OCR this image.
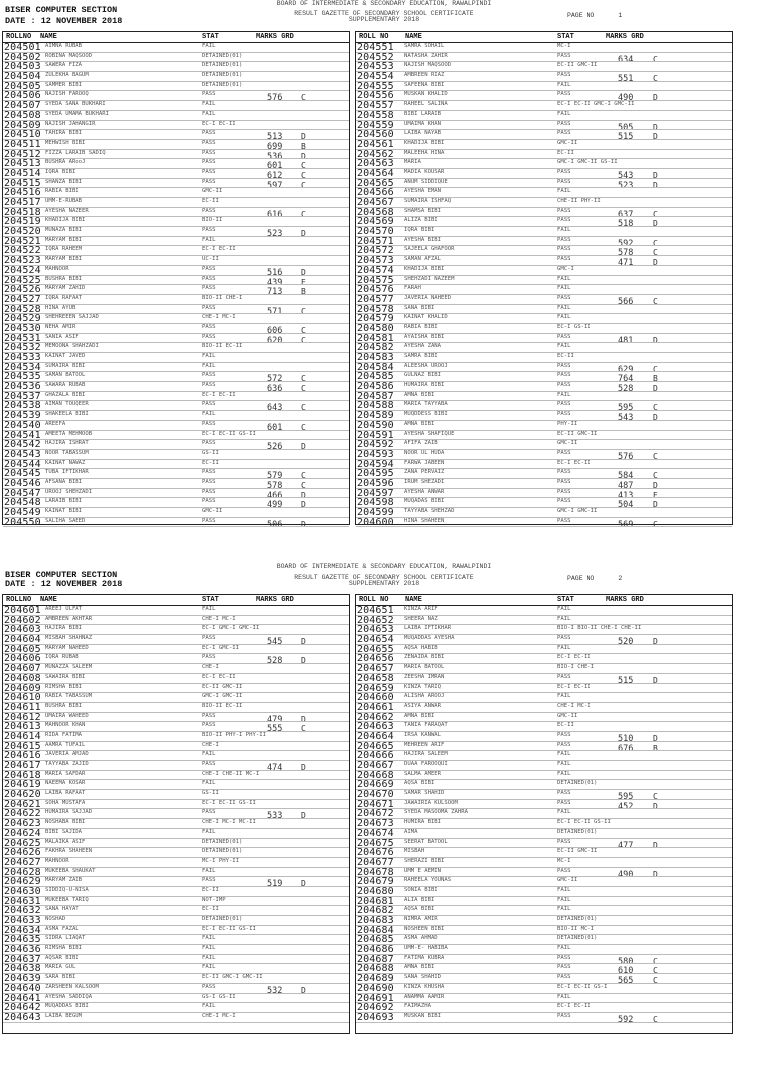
BOARD OF INTERMEDIATE & SECONDARY EDUCATION, RAWALPINDI
RESULT GAZETTE OF SECONDARY SCHOOL CERTIFICATE
SUPPLEMENTARY 2018
BISER COMPUTER SECTION
DATE : 12 NOVEMBER 2018
PAGE NO	1
ROLLNO NAME	STAT	MARKS GRD
204501 AIMNA RUBAB	FAIL
204502 ROBINA MAQSOOD	DETAINED(01)
204503 SAWERA FIZA	DETAINED(01)
204504 ZULEKHA BAGUM	DETAINED(01)
204505 SAMMER BIBI	DETAINED(01)
204506 NAJISH FAROOQ	PASS	576 C
204507 SYEDA SANA BUKHARI	FAIL
204508 SYEDA UMAMA BUKHARI	FAIL
204509 NAJISH JAHANGIR	EC-I EC-II
204510 TAHIRA BIBI	PASS	513 D
204511 MEHWISH BIBI	PASS	699 B
204512 FIZZA LARAIB SADIQ	PASS	536 D
204513 BUSHRA ARooJ	PASS	601 C
204514 IQRA BIBI	PASS	612 C
204515 SHANZA BIBI	PASS	597 C
204516 RABIA BIBI	GMC-II
204517 UMM-E-RUBAB	EC-II
204518 AYESHA NAZEER	PASS	616 C
204519 KHADIJA BIBI	BIO-II
204520 MUNAZA BIBI	PASS	523 D
204521 MARYAM BIBI	FAIL
204522 IQRA RAHEEM	EC-I EC-II
204523 MARYAM BIBI	UC-II
204524 MAHNOOR	PASS	516 D
204525 BUSHRA BIBI	PASS	439 E
204526 MARYAM ZAHID	PASS	713 B
204527 IQRA RAFAAT	BIO-II CHE-I
204528 HINA AYUB	PASS	571 C
204529 SHEHREEEN SAJJAD	CHE-I MC-I
204530 NEHA AMIR	PASS	606 C
204531 SANIA ASIF	PASS	620 C
204532 MEMOONA SHAHZADI	BIO-II EC-II
204533 KAINAT JAVED	FAIL
204534 SUMAIRA BIBI	FAIL
204535 SAMAN BATOOL	PASS	572 C
204536 SAWARA RUBAB	PASS	636 C
204537 GHAZALA BIBI	EC-I EC-II
204538 AIMAN TOUQEER	PASS	643 C
204539 SHAKEELA BIBI	FAIL
204540 AREEFA	PASS	601 C
204541 AMEETA MEHMOOB	EC-I EC-II GS-II
204542 HAJIRA ISHRAT	PASS	526 D
204543 NOOR TABASSUM	GS-II
204544 KAINAT NAWAZ	EC-II
204545 TUBA IFTIKHAR	PASS	579 C
204546 AFSANA BIBI	PASS	578 C
204547 UROOJ SHEHZADI	PASS	466 D
204548 LARAIB BIBI	PASS	499 D
204549 KAINAT BIBI	GMC-II
204550 SALIHA SAEED	PASS	506 D
ROLL NO NAME	STAT	MARKS GRD
204551 SAMRA SOHAIL	MC-I
204552 NATASHA ZAHIR	PASS	634 C
204553 NAJISH MAQSOOD	EC-II GMC-II
204554 AMBREEN RIAZ	PASS	551 C
204555 SAFEENA BIBI	FAIL
204556 MUSKAN KHALID	PASS	490 D
204557 RAHEEL SALINA	EC-I EC-II GMC-I GMC-II
204558 BIBI LARAIB	FAIL
204559 UMAIMA KHAN	PASS	505 D
204560 LAIBA NAYAB	PASS	515 D
204561 KHADIJA BIBI	GMC-II
204562 MALEEHA HINA	EC-II
204563 MARIA	GMC-I GMC-II GS-II
204564 MADIA KOUSAR	PASS	543 D
204565 ANUM SIDDIQUE	PASS	523 D
204566 AYESHA EMAN	FAIL
204567 SUMAIRA ISHFAQ	CHE-II PHY-II
204568 SHAMSA BIBI	PASS	637 C
204569 ALIZA BIBI	PASS	518 D
204570 IQRA BIBI	FAIL
204571 AYESHA BIBI	PASS	592 C
204572 SAJEELA GHAFOOR	PASS	578 C
204573 SAMAN AFZAL	PASS	471 D
204574 KHADIJA BIBI	GMC-I
204575 SHEHZADI NAZEEM	FAIL
204576 FARAH	FAIL
204577 JAVERIA NAHEED	PASS	566 C
204578 SANA BIBI	FAIL
204579 KAINAT KHALID	FAIL
204580 RABIA BIBI	EC-I GS-II
204581 AYAISHA BIBI	PASS	481 D
204582 AYESHA ZANA	FAIL
204583 SAMRA BIBI	EC-II
204584 ALEESHA UROOJ	PASS	629 C
204585 GULNAZ BIBI	PASS	764 B
204586 HUMAIRA BIBI	PASS	528 D
204587 AMNA BIBI	FAIL
204588 MARIA TAYYABA	PASS	595 C
204589 MUQDDESS BIBI	PASS	543 D
204590 AMNA BIBI	PHY-II
204591 AYESHA SHAFIQUE	EC-II GMC-II
204592 AFIFA ZAIB	GMC-II
204593 NOOR UL HUDA	PASS	576 C
204594 FARWA JABEEN	EC-I EC-II
204595 ZANA PERVAIZ	PASS	584 C
204596 IRUM SHEZADI	PASS	487 D
204597 AYESHA ANWAR	PASS	413 E
204598 MUQADAS BIBI	PASS	504 D
204599 TAYYABA SHEHZAD	GMC-I GMC-II
204600 HINA SHAHEEN	PASS	569 C
BOARD OF INTERMEDIATE & SECONDARY EDUCATION, RAWALPINDI
RESULT GAZETTE OF SECONDARY SCHOOL CERTIFICATE
SUPPLEMENTARY 2018
BISER COMPUTER SECTION
DATE : 12 NOVEMBER 2018
PAGE NO	2
ROLLNO NAME	STAT	MARKS GRD
204601 AREEJ ULFAT	FAIL
204602 AMBREEN AKHTAR	CHE-I MC-I
204603 HAJIRA BIBI	EC-I GMC-I GMC-II
204604 MISBAH SHAHNAZ	PASS	545 D
204605 MARYAM NAHEED	EC-I GMC-II
204606 IQRA RUBAB	PASS	528 D
204607 MUNAZZA SALEEM	CHE-I
204608 SAWAIRA BIBI	EC-I EC-II
204609 RIMSHA BIBI	EC-II GMC-II
204610 RABIA TABASSUM	GMC-I GMC-II
204611 BUSHRA BIBI	BIO-II EC-II
204612 UMAIRA WAHEED	PASS	479 D
204613 MAHNOOR KHAN	PASS	555 C
204614 RIDA FATIMA	BIO-II PHY-I PHY-II
204615 AAMRA TUFAIL	CHE-I
204616 JAVERIA AMJAD	FAIL
204617 TAYYABA ZAJID	PASS	474 D
204618 MARIA SAFDAR	CHE-I CHE-II MC-I
204619 NAEEMA KOSAR	FAIL
204620 LAIBA RAFAAT	GS-II
204621 SOHA MUSTAFA	EC-I EC-II GS-II
204622 HUMAIRA SAJJAD	PASS	533 D
204623 NOSHABA BIBI	CHE-I MC-I MC-II
204624 BIBI SAJIDA	FAIL
204625 MALAIKA ASIF	DETAINED(01)
204626 FAKHRA SHAHEEN	DETAINED(01)
204627 MAHNOOR	MC-I PHY-II
204628 MUKEEBA SHAUKAT	FAIL
204629 MARYAM ZAIB	PASS	519 D
204630 SIDDIQ-U-NISA	EC-II
204631 MUKEEBA TARIQ	NOT-IMP
204632 SANA HAYAT	EC-II
204633 NOSHAD	DETAINED(01)
204634 ASMA FAZAL	EC-I EC-II GS-II
204635 SIDRA LIAQAT	FAIL
204636 RIMSHA BIBI	FAIL
204637 AQSAR BIBI	FAIL
204638 MARIA GUL	FAIL
204639 SARA BIBI	EC-II GMC-I GMC-II
204640 ZARSHEEN KALSOOM	PASS	532 D
204641 AYESHA SADDIQA	GS-I GS-II
204642 MUQADDAS BIBI	FAIL
204643 LAIBA BEGUM	CHE-I MC-I
ROLL NO NAME	STAT	MARKS GRD
204651 KINZA ARIF	FAIL
204652 SHEERA NAZ	FAIL
204653 LAIBA IFTIKHAR	BIO-I BIO-II CHE-I CHE-II
204654 MUQADDAS AYESHA	PASS	520 D
204655 AQSA HABIB	FAIL
204656 ZENAIDA BIBI	EC-I EC-II
204657 MARIA BATOOL	BIO-I CHE-I
204658 ZEESHA IMRAN	PASS	515 D
204659 KINZA TARIQ	EC-I EC-II
204660 ALISHA AROOJ	FAIL
204661 ASIYA ANWAR	CHE-I MC-I
204662 AMNA BIBI	GMC-II
204663 TANIA FARAQAT	EC-II
204664 IRSA KANWAL	PASS	510 D
204665 MEHREEN ARIF	PASS	676 B
204666 HAJIRA SALEEM	FAIL
204667 DUAA FAROOQUI	FAIL
204668 SALMA AMEER	FAIL
204669 AQSA BIBI	DETAINED(01)
204670 SAMAR SHAHID	PASS	595 C
204671 JAWAIRIA KULSOOM	PASS	452 D
204672 SYEDA MASOOMA ZAHRA	FAIL
204673 HUMIRA BIBI	EC-I EC-II GS-II
204674 AIMA	DETAINED(01)
204675 SEERAT BATOOL	PASS	477 D
204676 MISBAH	EC-II GMC-II
204677 SHERAZI BIBI	MC-I
204678 UMM E AEMIN	PASS	490 D
204679 RAHEELA YOUNAS	GMC-II
204680 SONIA BIBI	FAIL
204681 ALIA BIBI	FAIL
204682 AQSA BIBI	FAIL
204683 NIMRA AMIR	DETAINED(01)
204684 NOSHEEN BIBI	BIO-II MC-I
204685 ASMA AHMAD	DETAINED(01)
204686 UMM-E- HABIBA	FAIL
204687 FATIMA KUBRA	PASS	580 C
204688 AMNA BIBI	PASS	610 C
204689 SANA SHAHID	PASS	565 C
204690 KINZA KHUSHA	EC-I EC-II GS-I
204691 ANAMMA AAMIR	FAIL
204692 FAIMAZHA	EC-I EC-II
204693 MUSKAN BIBI	PASS	592 C
